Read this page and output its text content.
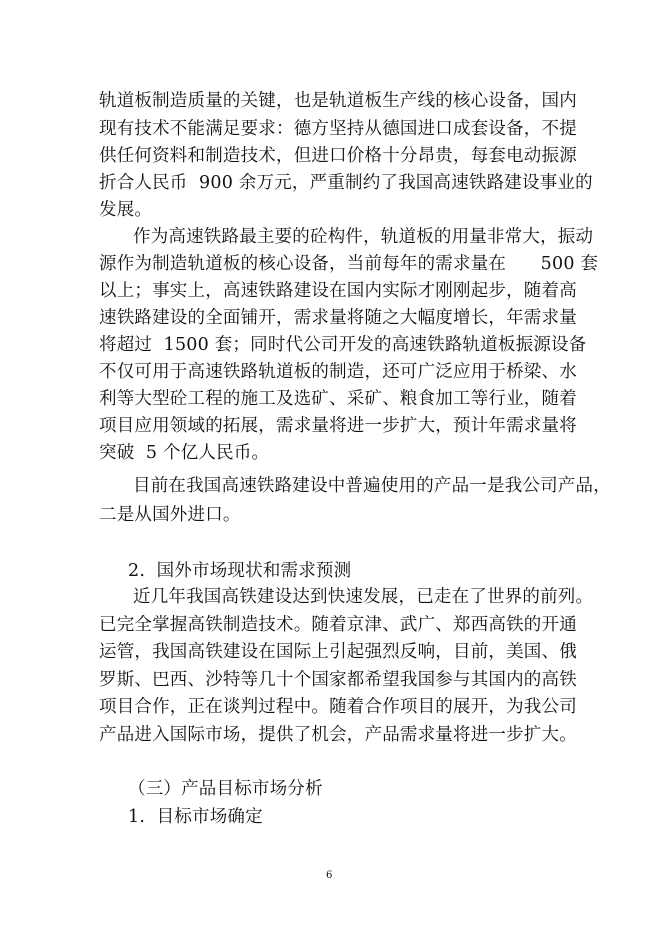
轨道板制造质量的关键，也是轨道板生产线的核心设备，国内
现有技术不能满足要求：德方坚持从德国进口成套设备，不提
供任何资料和制造技术，但进口价格十分昂贵，每套电动振源
折合人民币  900 余万元，严重制约了我国高速铁路建设事业的
发展。
作为高速铁路最主要的砼构件，轨道板的用量非常大，振动
源作为制造轨道板的核心设备，当前每年的需求量在      500 套
以上；事实上，高速铁路建设在国内实际才刚刚起步，随着高
速铁路建设的全面铺开，需求量将随之大幅度增长，年需求量
将超过  1500 套；同时代公司开发的高速铁路轨道板振源设备
不仅可用于高速铁路轨道板的制造，还可广泛应用于桥梁、水
利等大型砼工程的施工及选矿、采矿、粮食加工等行业，随着
项目应用领域的拓展，需求量将进一步扩大，预计年需求量将
突破  5 个亿人民币。
目前在我国高速铁路建设中普遍使用的产品一是我公司产品，
二是从国外进口。
2.  国外市场现状和需求预测
近几年我国高铁建设达到快速发展，已走在了世界的前列。
已完全掌握高铁制造技术。随着京津、武广、郑西高铁的开通
运管，我国高铁建设在国际上引起强烈反响，目前，美国、俄
罗斯、巴西、沙特等几十个国家都希望我国参与其国内的高铁
项目合作，正在谈判过程中。随着合作项目的展开，为我公司
产品进入国际市场，提供了机会，产品需求量将进一步扩大。
（三）产品目标市场分析
1.  目标市场确定
6
